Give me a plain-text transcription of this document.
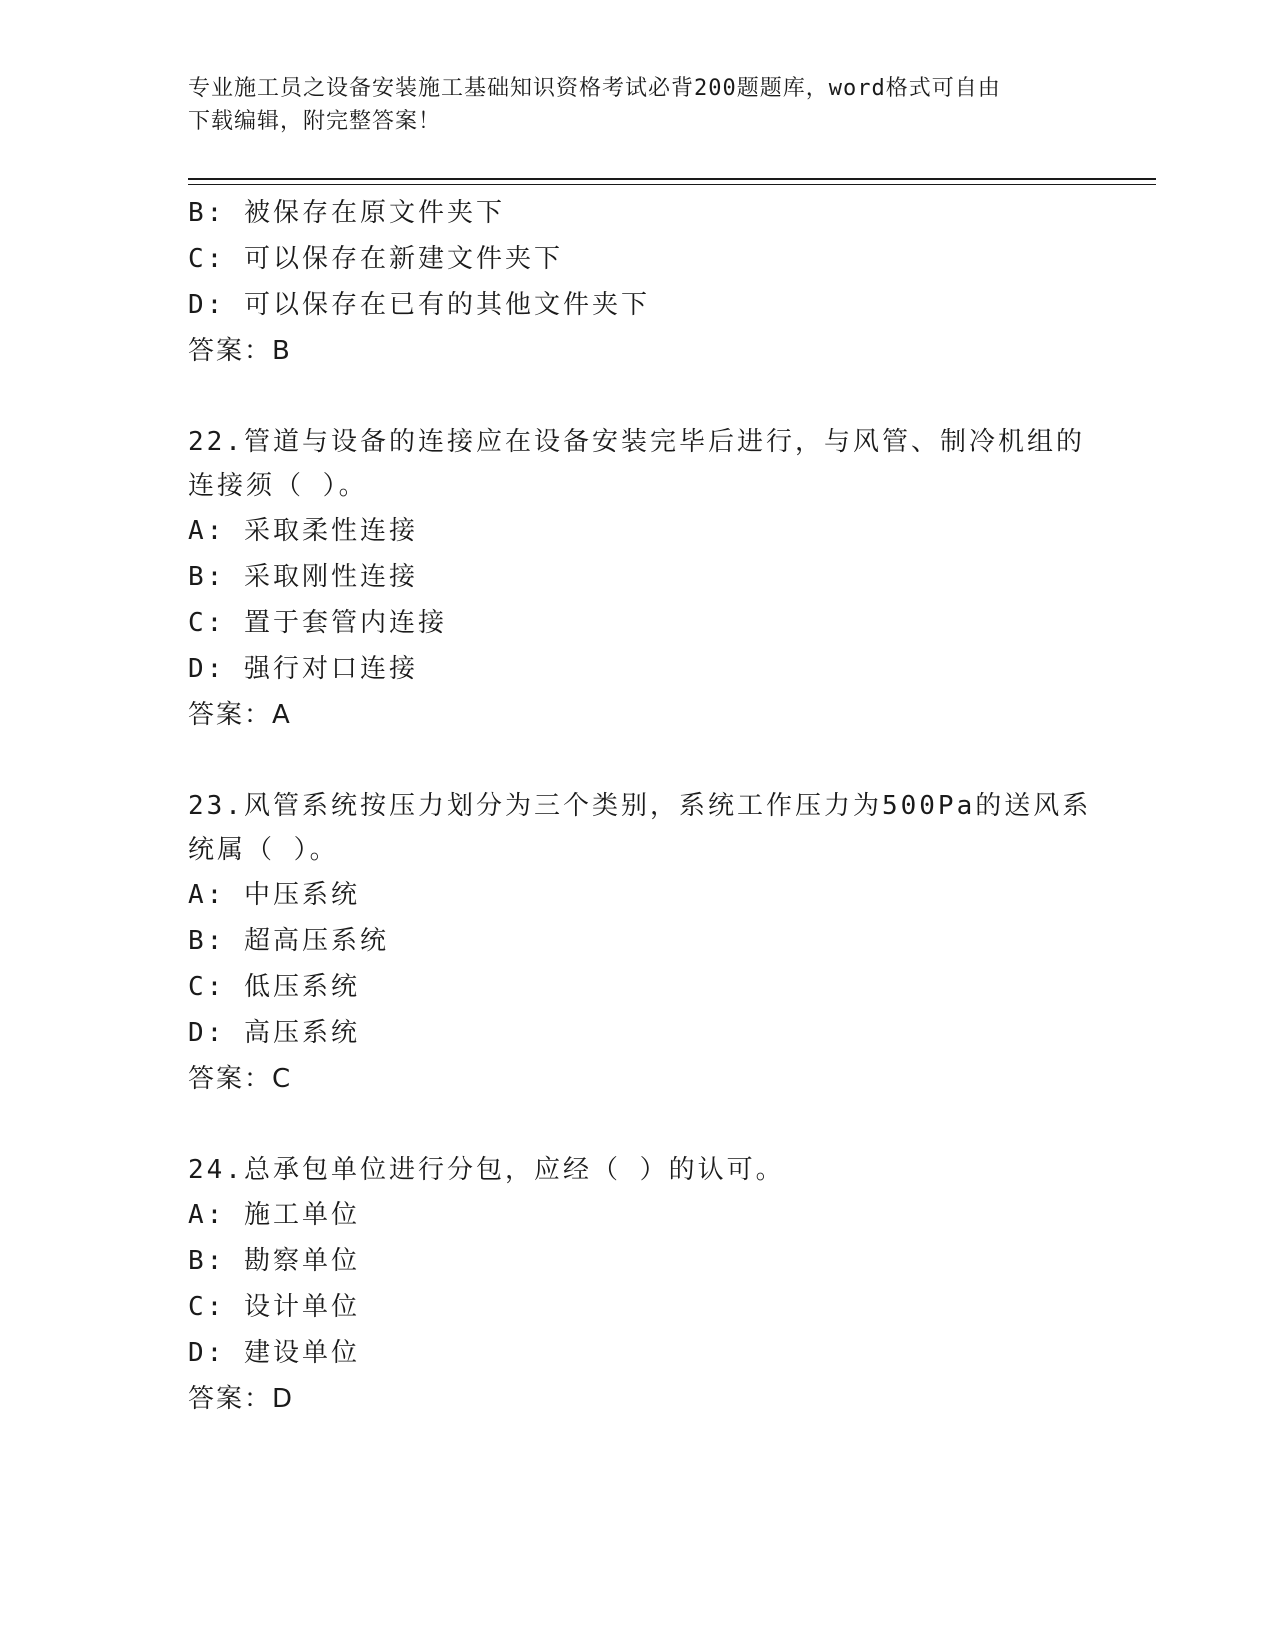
专业施工员之设备安装施工基础知识资格考试必背200题题库，word格式可自由
下载编辑，附完整答案！
B: 被保存在原文件夹下
C: 可以保存在新建文件夹下
D: 可以保存在已有的其他文件夹下
答案：B
22.管道与设备的连接应在设备安装完毕后进行，与风管、制冷机组的
连接须（ ）。
A: 采取柔性连接
B: 采取刚性连接
C: 置于套管内连接
D: 强行对口连接
答案：A
23.风管系统按压力划分为三个类别，系统工作压力为500Pa的送风系
统属（ ）。
A: 中压系统
B: 超高压系统
C: 低压系统
D: 高压系统
答案：C
24.总承包单位进行分包，应经（ ）的认可。
A: 施工单位
B: 勘察单位
C: 设计单位
D: 建设单位
答案：D
